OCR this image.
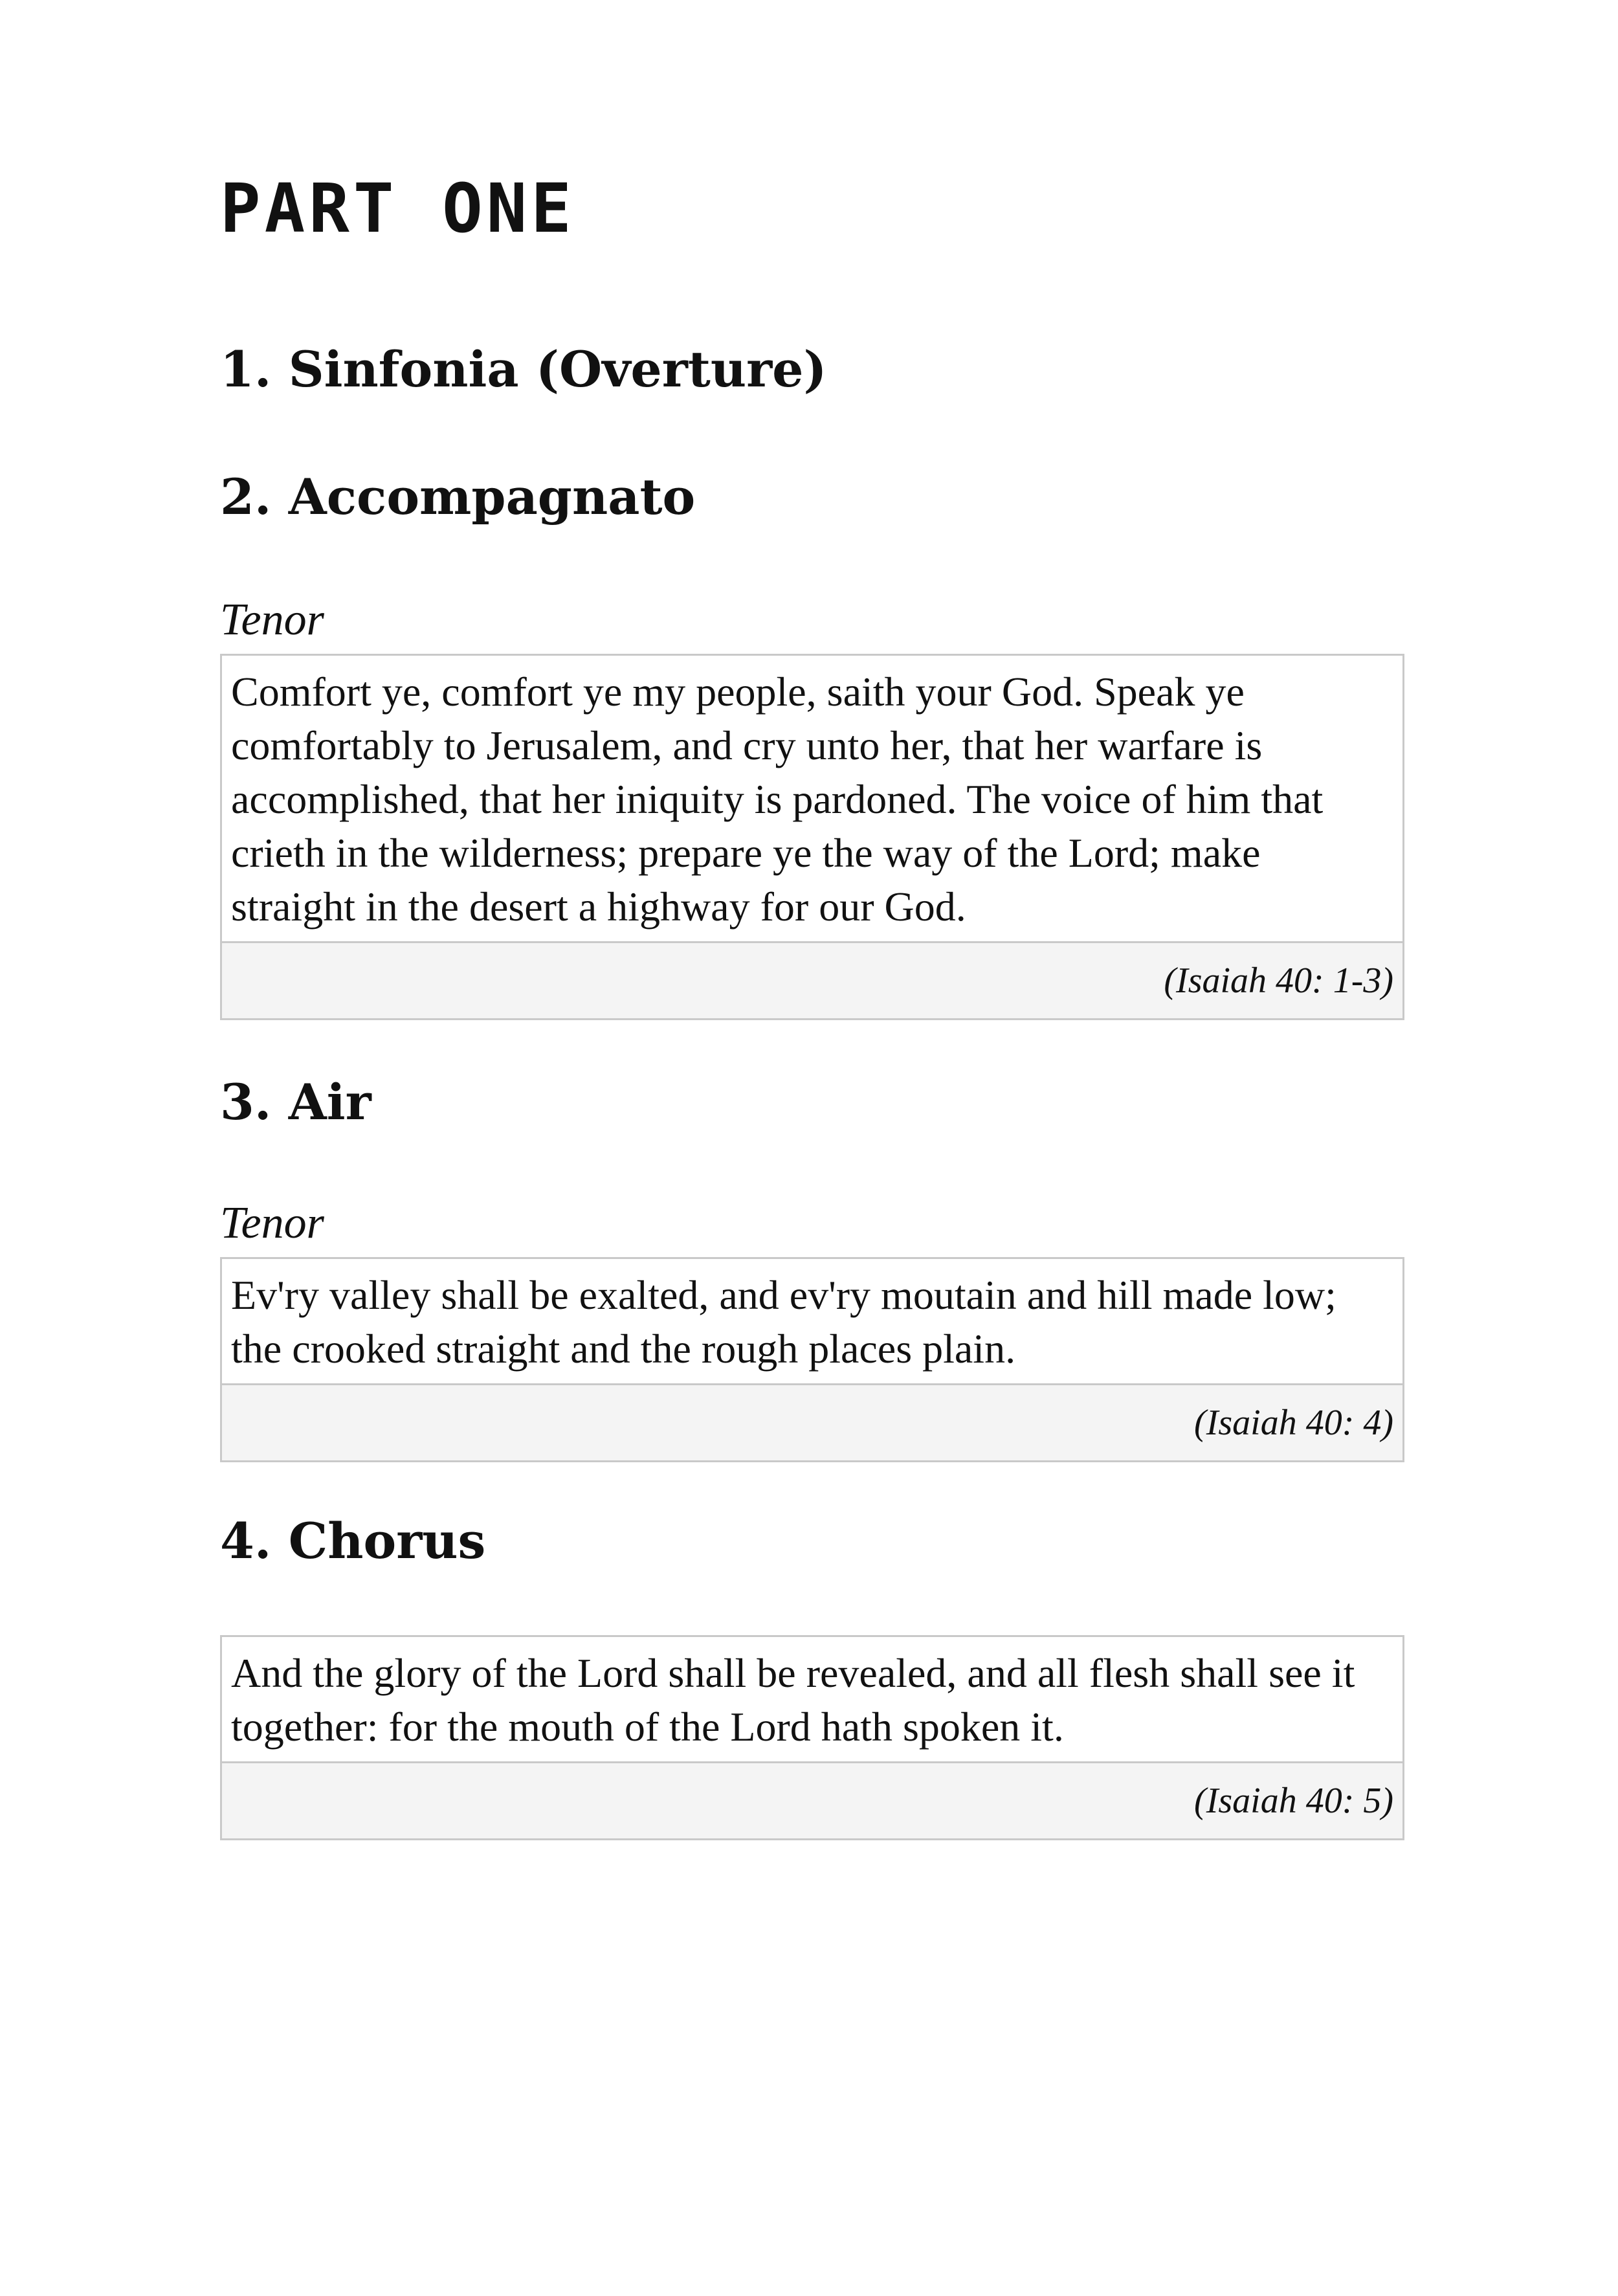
PART ONE
1. Sinfonia (Overture)
2. Accompagnato
Tenor
Comfort ye, comfort ye my people, saith your God. Speak ye comfortably to Jerusalem, and cry unto her, that her warfare is accomplished, that her iniquity is pardoned. The voice of him that crieth in the wilderness; prepare ye the way of the Lord; make straight in the desert a highway for our God.
(Isaiah 40: 1-3)
3. Air
Tenor
Ev'ry valley shall be exalted, and ev'ry moutain and hill made low; the crooked straight and the rough places plain.
(Isaiah 40: 4)
4. Chorus
And the glory of the Lord shall be revealed, and all flesh shall see it together: for the mouth of the Lord hath spoken it.
(Isaiah 40: 5)
